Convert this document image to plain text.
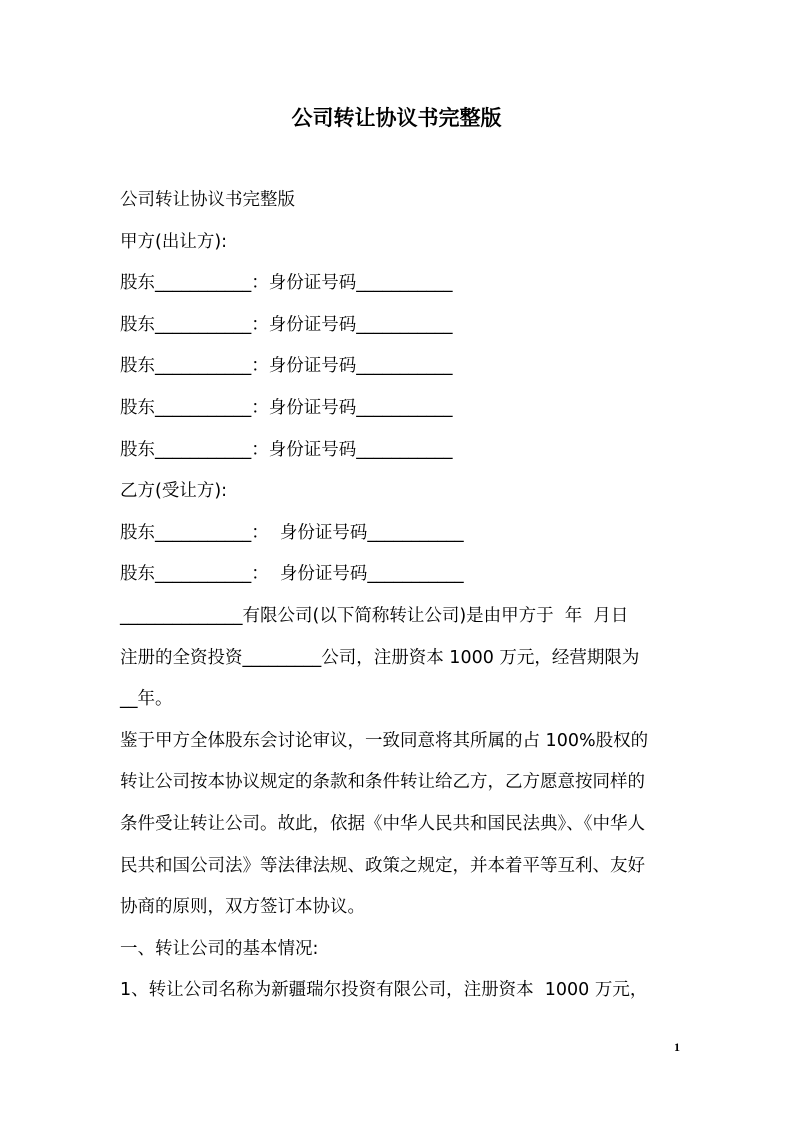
公司转让协议书完整版

公司转让协议书完整版

甲方(出让方):

股东___________：身份证号码___________

股东___________：身份证号码___________

股东___________：身份证号码___________

股东___________：身份证号码___________

股东___________：身份证号码___________

乙方(受让方):

股东___________：  身份证号码___________

股东___________：  身份证号码___________

______________有限公司(以下简称转让公司)是由甲方于  年  月日

注册的全资投资_________公司，注册资本 1000 万元，经营期限为

__年。

鉴于甲方全体股东会讨论审议，一致同意将其所属的占 100%股权的

转让公司按本协议规定的条款和条件转让给乙方，乙方愿意按同样的

条件受让转让公司。故此，依据《中华人民共和国民法典》、《中华人

民共和国公司法》等法律法规、政策之规定，并本着平等互利、友好

协商的原则，双方签订本协议。

一、转让公司的基本情况:

1、转让公司名称为新疆瑞尔投资有限公司，注册资本  1000 万元，

1
